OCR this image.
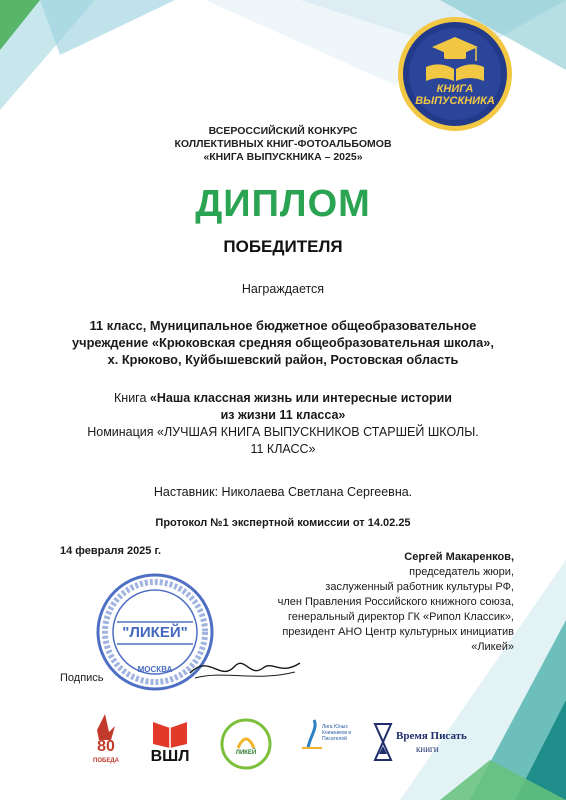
КНИГА
ВЫПУСКНИКА
ВСЕРОССИЙСКИЙ КОНКУРС
КОЛЛЕКТИВНЫХ КНИГ-ФОТОАЛЬБОМОВ
«КНИГА ВЫПУСКНИКА – 2025»
ДИПЛОМ
ПОБЕДИТЕЛЯ
Награждается
11 класс, Муниципальное бюджетное общеобразовательное
учреждение «Крюковская средняя общеобразовательная школа»,
х. Крюково, Куйбышевский район, Ростовская область
Книга «Наша классная жизнь или интересные истории
из жизни 11 класса»
Номинация «ЛУЧШАЯ КНИГА ВЫПУСКНИКОВ СТАРШЕЙ ШКОЛЫ.
11 КЛАСС»
Наставник: Николаева Светлана Сергеевна.
Протокол №1 экспертной комиссии от 14.02.25
14 февраля 2025 г.	Сергей Макаренков,
председатель жюри,
заслуженный работник культуры РФ,
член Правления Российского книжного союза,
генеральный директор ГК «Рипол Классик»,
президент АНО Центр культурных инициатив
«Ликей»
"ЛИКЕЙ"
МОСКВА
Подпись
80
ПОБЕДА	ВШЛ	ЛИКЕЙ
Лига Юных Книжников и Писателей	Время Писать
книги
